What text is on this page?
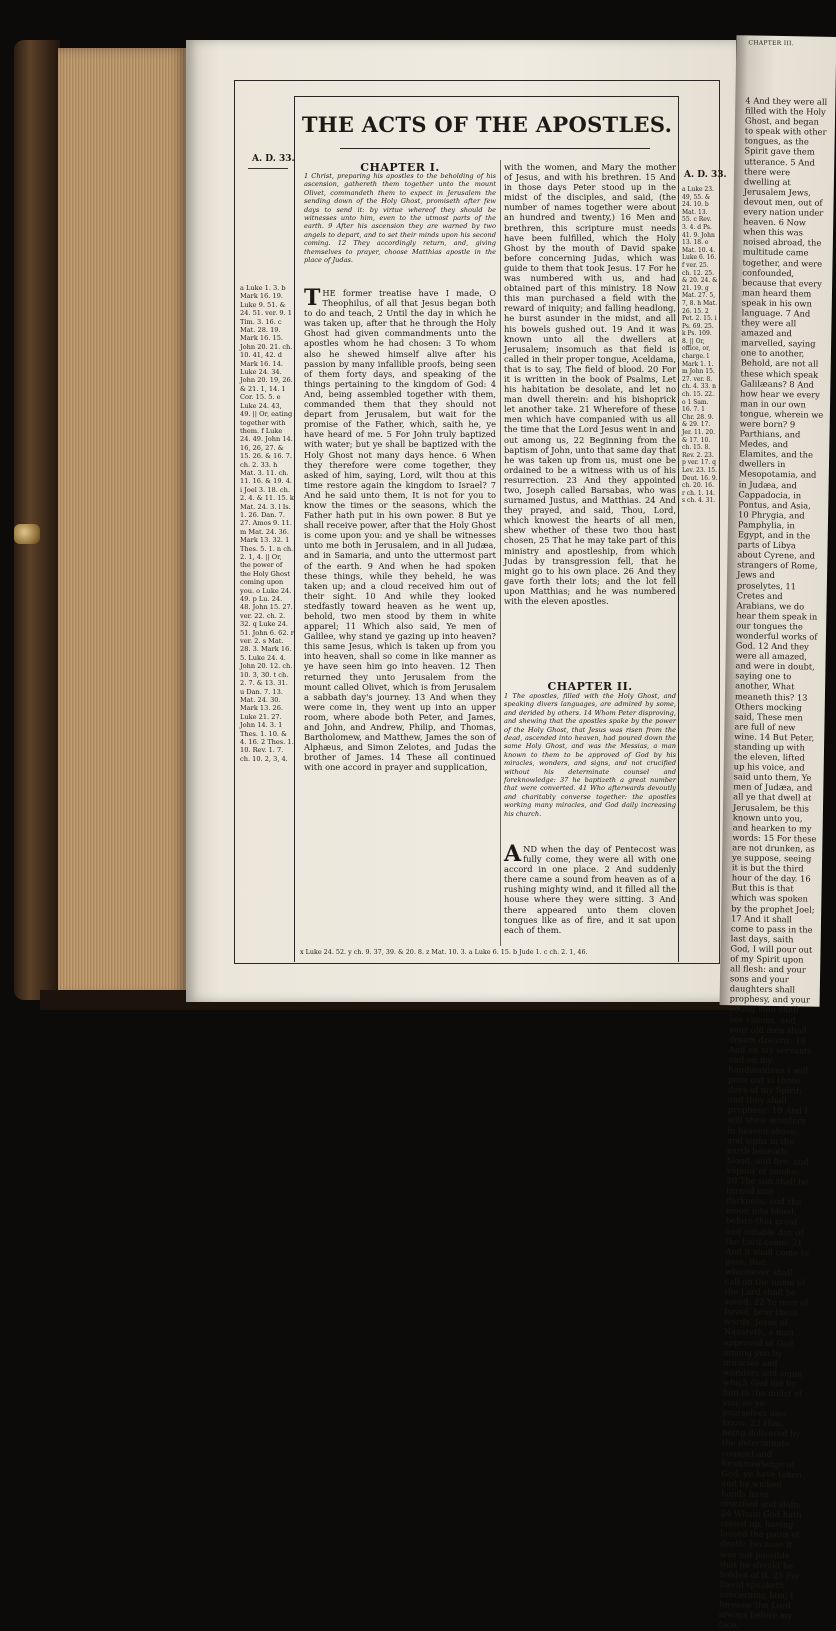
CHAPTER III.
4 And they were all filled with the Holy Ghost, and began to speak with other tongues, as the Spirit gave them utterance. 5 And there were dwelling at Jerusalem Jews, devout men, out of every nation under heaven. 6 Now when this was noised abroad, the multitude came together, and were confounded, because that every man heard them speak in his own language. 7 And they were all amazed and marvelled, saying one to another, Behold, are not all these which speak Galilæans? 8 And how hear we every man in our own tongue, wherein we were born? 9 Parthians, and Medes, and Elamites, and the dwellers in Mesopotamia, and in Judæa, and Cappadocia, in Pontus, and Asia, 10 Phrygia, and Pamphylia, in Egypt, and in the parts of Libya about Cyrene, and strangers of Rome, Jews and proselytes, 11 Cretes and Arabians, we do hear them speak in our tongues the wonderful works of God. 12 And they were all amazed, and were in doubt, saying one to another, What meaneth this? 13 Others mocking said, These men are full of new wine. 14 But Peter, standing up with the eleven, lifted up his voice, and said unto them, Ye men of Judæa, and all ye that dwell at Jerusalem, be this known unto you, and hearken to my words: 15 For these are not drunken, as ye suppose, seeing it is but the third hour of the day. 16 But this is that which was spoken by the prophet Joel; 17 And it shall come to pass in the last days, saith God, I will pour out of my Spirit upon all flesh: and your sons and your daughters shall prophesy, and your young men shall see visions, and your old men shall dream dreams: 18 And on my servants and on my handmaidens I will pour out in those days of my Spirit; and they shall prophesy: 19 And I will shew wonders in heaven above, and signs in the earth beneath; blood, and fire, and vapour of smoke: 20 The sun shall be turned into darkness, and the moon into blood, before that great and notable day of the Lord come: 21 And it shall come to pass, that whosoever shall call on the name of the Lord shall be saved. 22 Ye men of Israel, hear these words; Jesus of Nazareth, a man approved of God among you by miracles and wonders and signs, which God did by him in the midst of you, as ye yourselves also know: 23 Him, being delivered by the determinate counsel and foreknowledge of God, ye have taken, and by wicked hands have crucified and slain: 24 Whom God hath raised up, having loosed the pains of death: because it was not possible that he should be holden of it. 25 For David speaketh concerning him, I foresaw the Lord always before my face,
THE ACTS OF THE APOSTLES.
A. D. 33.
A. D. 33.
CHAPTER I.
1 Christ, preparing his apostles to the beholding of his ascension, gathereth them together unto the mount Olivet, commandeth them to expect in Jerusalem the sending down of the Holy Ghost, promiseth after few days to send it: by virtue whereof they should be witnesses unto him, even to the utmost parts of the earth. 9 After his ascension they are warned by two angels to depart, and to set their minds upon his second coming. 12 They accordingly return, and, giving themselves to prayer, choose Matthias apostle in the place of Judas.
THE former treatise have I made, O Theophilus, of all that Jesus began both to do and teach, 2 Until the day in which he was taken up, after that he through the Holy Ghost had given commandments unto the apostles whom he had chosen: 3 To whom also he shewed himself alive after his passion by many infallible proofs, being seen of them forty days, and speaking of the things pertaining to the kingdom of God: 4 And, being assembled together with them, commanded them that they should not depart from Jerusalem, but wait for the promise of the Father, which, saith he, ye have heard of me. 5 For John truly baptized with water; but ye shall be baptized with the Holy Ghost not many days hence. 6 When they therefore were come together, they asked of him, saying, Lord, wilt thou at this time restore again the kingdom to Israel? 7 And he said unto them, It is not for you to know the times or the seasons, which the Father hath put in his own power. 8 But ye shall receive power, after that the Holy Ghost is come upon you: and ye shall be witnesses unto me both in Jerusalem, and in all Judæa, and in Samaria, and unto the uttermost part of the earth. 9 And when he had spoken these things, while they beheld, he was taken up; and a cloud received him out of their sight. 10 And while they looked stedfastly toward heaven as he went up, behold, two men stood by them in white apparel; 11 Which also said, Ye men of Galilee, why stand ye gazing up into heaven? this same Jesus, which is taken up from you into heaven, shall so come in like manner as ye have seen him go into heaven. 12 Then returned they unto Jerusalem from the mount called Olivet, which is from Jerusalem a sabbath day's journey. 13 And when they were come in, they went up into an upper room, where abode both Peter, and James, and John, and Andrew, Philip, and Thomas, Bartholomew, and Matthew, James the son of Alphæus, and Simon Zelotes, and Judas the brother of James. 14 These all continued with one accord in prayer and supplication,
with the women, and Mary the mother of Jesus, and with his brethren. 15 And in those days Peter stood up in the midst of the disciples, and said, (the number of names together were about an hundred and twenty,) 16 Men and brethren, this scripture must needs have been fulfilled, which the Holy Ghost by the mouth of David spake before concerning Judas, which was guide to them that took Jesus. 17 For he was numbered with us, and had obtained part of this ministry. 18 Now this man purchased a field with the reward of iniquity; and falling headlong, he burst asunder in the midst, and all his bowels gushed out. 19 And it was known unto all the dwellers at Jerusalem; insomuch as that field is called in their proper tongue, Aceldama, that is to say, The field of blood. 20 For it is written in the book of Psalms, Let his habitation be desolate, and let no man dwell therein: and his bishoprick let another take. 21 Wherefore of these men which have companied with us all the time that the Lord Jesus went in and out among us, 22 Beginning from the baptism of John, unto that same day that he was taken up from us, must one be ordained to be a witness with us of his resurrection. 23 And they appointed two, Joseph called Barsabas, who was surnamed Justus, and Matthias. 24 And they prayed, and said, Thou, Lord, which knowest the hearts of all men, shew whether of these two thou hast chosen, 25 That he may take part of this ministry and apostleship, from which Judas by transgression fell, that he might go to his own place. 26 And they gave forth their lots; and the lot fell upon Matthias; and he was numbered with the eleven apostles.
CHAPTER II.
1 The apostles, filled with the Holy Ghost, and speaking divers languages, are admired by some, and derided by others. 14 Whom Peter disproving, and shewing that the apostles spake by the power of the Holy Ghost, that Jesus was risen from the dead, ascended into heaven, had poured down the same Holy Ghost, and was the Messias, a man known to them to be approved of God by his miracles, wonders, and signs, and not crucified without his determinate counsel and foreknowledge: 37 he baptizeth a great number that were converted. 41 Who afterwards devoutly and charitably converse together: the apostles working many miracles, and God daily increasing his church.
AND when the day of Pentecost was fully come, they were all with one accord in one place. 2 And suddenly there came a sound from heaven as of a rushing mighty wind, and it filled all the house where they were sitting. 3 And there appeared unto them cloven tongues like as of fire, and it sat upon each of them.
a Luke 1. 3. b Mark 16. 19. Luke 9. 51. & 24. 51. ver. 9. 1 Tim. 3. 16. c Mat. 28. 19. Mark 16. 15. John 20. 21. ch. 10. 41, 42. d Mark 16. 14. Luke 24. 34. John 20. 19, 26. & 21. 1, 14. 1 Cor. 15. 5. e Luke 24. 43, 49. || Or, eating together with them. f Luke 24. 49. John 14. 16, 26, 27. & 15. 26. & 16. 7. ch. 2. 33. h Mat. 3. 11. ch. 11. 16. & 19. 4. i Joel 3. 18. ch. 2. 4. & 11. 15. k Mat. 24. 3. l Is. 1. 26. Dan. 7. 27. Amos 9. 11. m Mat. 24. 36. Mark 13. 32. 1 Thes. 5. 1. n ch. 2. 1, 4. || Or, the power of the Holy Ghost coming upon you. o Luke 24. 49. p Lu. 24. 48. John 15. 27. ver. 22. ch. 2. 32. q Luke 24. 51. John 6. 62. r ver. 2. s Mat. 28. 3. Mark 16. 5. Luke 24. 4. John 20. 12. ch. 10. 3, 30. t ch. 2. 7. & 13. 31. u Dan. 7. 13. Mat. 24. 30. Mark 13. 26. Luke 21. 27. John 14. 3. 1 Thes. 1. 10. & 4. 16. 2 Thes. 1. 10. Rev. 1. 7. ch. 10. 2, 3, 4.
a Luke 23. 49, 55. & 24. 10. b Mat. 13. 55. c Rev. 3. 4. d Ps. 41. 9. John 13. 18. e Mat. 10. 4. Luke 6. 16. f ver. 25. ch. 12. 25. & 20. 24. & 21. 19. g Mat. 27. 5, 7, 8. h Mat. 26. 15. 2 Pet. 2. 15. i Ps. 69. 25. k Ps. 109. 8. || Or, office, or, charge. l Mark 1. 1. m John 15. 27. ver. 8. ch. 4. 33. n ch. 15. 22. o 1 Sam. 16. 7. 1 Chr. 28. 9. & 29. 17. Jer. 11. 20. & 17. 10. ch. 15. 8. Rev. 2. 23. p ver. 17. q Lev. 23. 15. Deut. 16. 9. ch. 20. 16. r ch. 1. 14. s ch. 4. 31.
x Luke 24. 52. y ch. 9. 37, 39. & 20. 8. z Mat. 10. 3. a Luke 6. 15. b Jude 1. c ch. 2. 1, 46.
